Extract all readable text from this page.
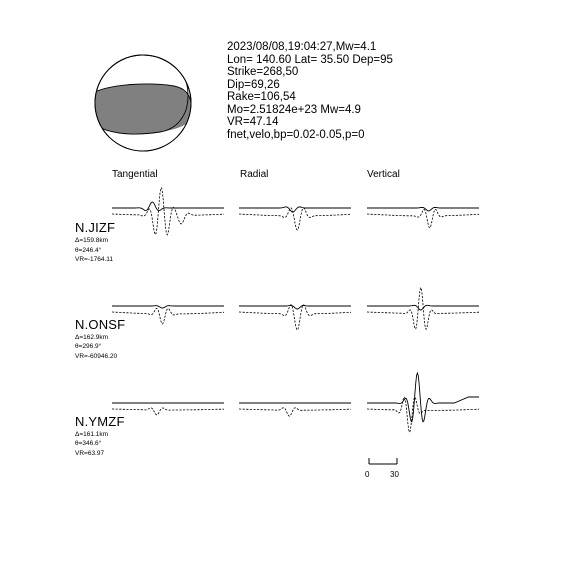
2023/08/08,19:04:27,Mw=4.1
Lon= 140.60 Lat= 35.50 Dep=95
Strike=268,50
Dip=69,26
Rake=106,54
Mo=2.51824e+23 Mw=4.9
VR=47.14
fnet,velo,bp=0.02-0.05,p=0
Tangential	Radial	Vertical
N.JIZF
Δ=159.8km
θ=246.4°
VR=-1764.11
N.ONSF
Δ=162.9km
θ=296.9°
VR=-60946.20
N.YMZF
Δ=161.1km
θ=346.6°
VR=63.97
0	30
